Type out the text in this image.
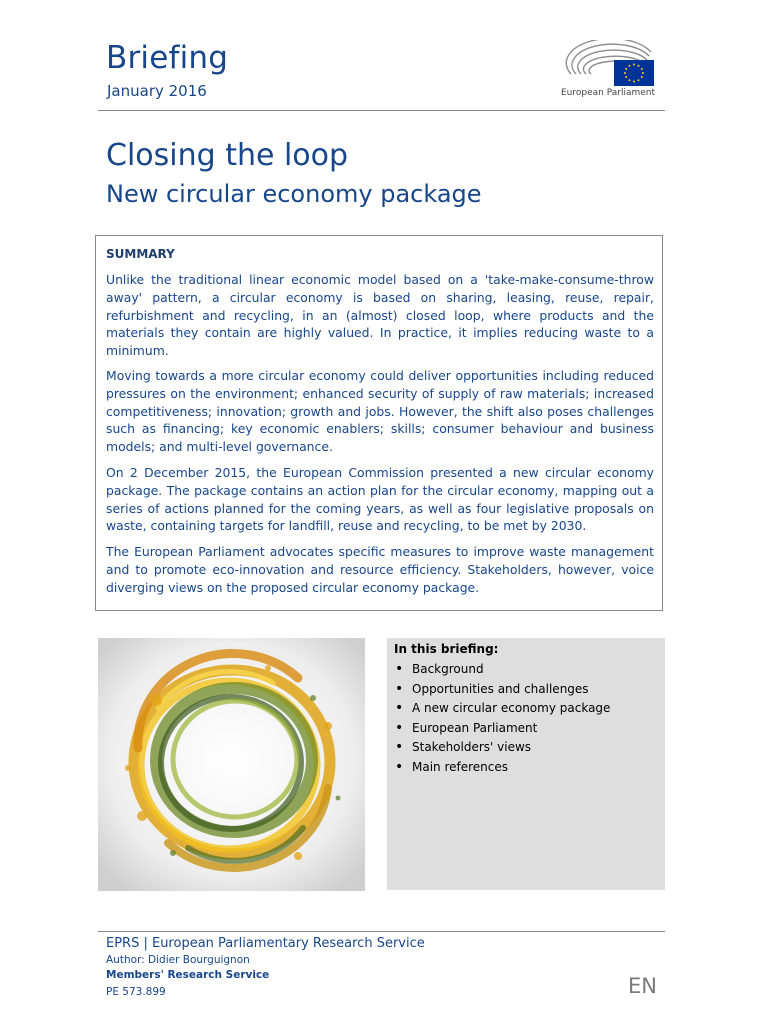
Briefing
January 2016	European Parliament
Closing the loop
New circular economy package
SUMMARY

Unlike the traditional linear economic model based on a 'take-make-consume-throw away' pattern, a circular economy is based on sharing, leasing, reuse, repair, refurbishment and recycling, in an (almost) closed loop, where products and the materials they contain are highly valued. In practice, it implies reducing waste to a minimum.

Moving towards a more circular economy could deliver opportunities including reduced pressures on the environment; enhanced security of supply of raw materials; increased competitiveness; innovation; growth and jobs. However, the shift also poses challenges such as financing; key economic enablers; skills; consumer behaviour and business models; and multi-level governance.

On 2 December 2015, the European Commission presented a new circular economy package. The package contains an action plan for the circular economy, mapping out a series of actions planned for the coming years, as well as four legislative proposals on waste, containing targets for landfill, reuse and recycling, to be met by 2030.

The European Parliament advocates specific measures to improve waste management and to promote eco-innovation and resource efficiency. Stakeholders, however, voice diverging views on the proposed circular economy package.

In this briefing:
• Background
• Opportunities and challenges
• A new circular economy package
• European Parliament
• Stakeholders' views
• Main references
EPRS | European Parliamentary Research Service
Author: Didier Bourguignon
Members' Research Service
PE 573.899	EN
